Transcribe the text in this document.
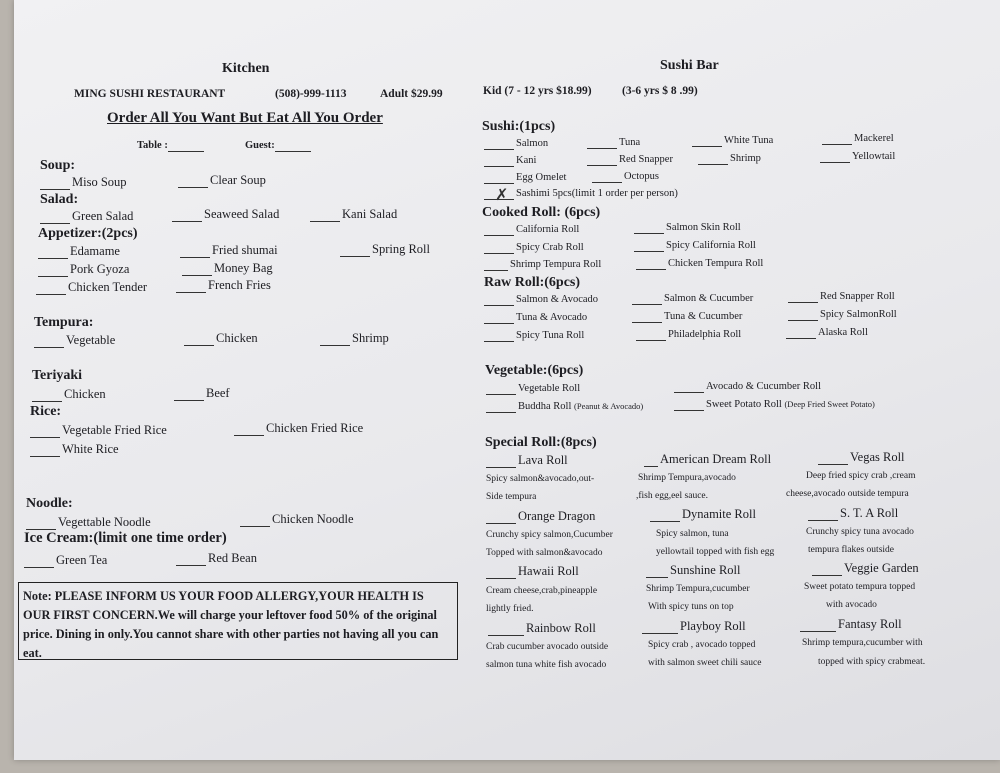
Kitchen
MING SUSHI RESTAURANT	(508)-999-1113	Adult $29.99
Order All You Want But Eat All You Order
Table :	Guest:
Soup:
Miso Soup	Clear Soup
Salad:
Green Salad	Seaweed Salad	Kani Salad
Appetizer:(2pcs)
Edamame	Fried shumai	Spring Roll
Pork Gyoza	Money Bag
Chicken Tender	French Fries
Tempura:
Vegetable	Chicken	Shrimp
Teriyaki
Chicken	Beef
Rice:
Vegetable Fried Rice	Chicken Fried Rice
White Rice
Noodle:
Vegettable Noodle	Chicken Noodle
Ice Cream:(limit one time order)
Green Tea	Red Bean
Note: PLEASE INFORM US YOUR FOOD ALLERGY,YOUR HEALTH IS OUR FIRST CONCERN.We will charge your leftover food 50% of the original price. Dining in only.You cannot share with other parties not having all you can eat.
Sushi Bar
Kid (7 - 12 yrs $18.99)	(3-6 yrs $ 8 .99)
Sushi:(1pcs)
Salmon	Tuna	White Tuna	Mackerel
Kani	Red Snapper	Shrimp	Yellowtail
Egg Omelet	Octopus
Sashimi 5pcs(limit 1 order per person)
✗
Cooked Roll: (6pcs)
California Roll	Salmon Skin Roll
Spicy Crab Roll	Spicy California Roll
Shrimp Tempura Roll	Chicken Tempura Roll
Raw Roll:(6pcs)
Salmon & Avocado	Salmon & Cucumber	Red Snapper Roll
Tuna & Avocado	Tuna & Cucumber	Spicy SalmonRoll
Spicy Tuna Roll	Philadelphia Roll	Alaska Roll
Vegetable:(6pcs)
Vegetable Roll	Avocado & Cucumber Roll
Buddha Roll (Peanut & Avocado)	Sweet Potato Roll (Deep Fried Sweet Potato)
Special Roll:(8pcs)
Lava Roll
Spicy salmon&avocado,out-
Side tempura
American Dream Roll
Shrimp Tempura,avocado
,fish egg,eel sauce.
Vegas Roll
Deep fried spicy crab ,cream
cheese,avocado outside tempura
Orange Dragon
Crunchy spicy salmon,Cucumber
Topped with salmon&avocado
Dynamite Roll
Spicy salmon, tuna
yellowtail topped with fish egg
S. T. A Roll
Crunchy spicy tuna avocado
tempura flakes outside
Hawaii Roll
Cream cheese,crab,pineapple
lightly fried.
Sunshine Roll
Shrimp Tempura,cucumber
With spicy tuns on top
Veggie Garden
Sweet potato tempura topped
with avocado
Rainbow Roll
Crab cucumber avocado outside
salmon tuna white fish avocado
Playboy Roll
Spicy crab , avocado topped
with salmon sweet chili sauce
Fantasy Roll
Shrimp tempura,cucumber with
topped with spicy crabmeat.
